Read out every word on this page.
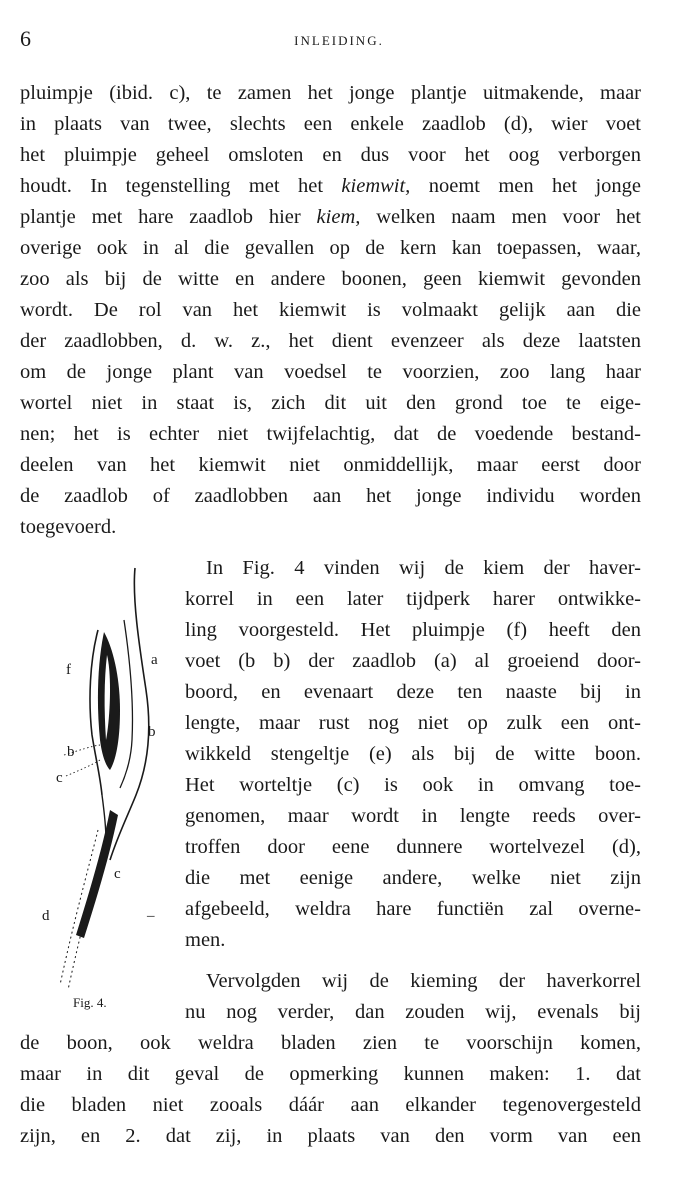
6	INLEIDING.
pluimpje (ibid. c), te zamen het jonge plantje uitmakende, maar
in plaats van twee, slechts een enkele zaadlob (d), wier voet
het pluimpje geheel omsloten en dus voor het oog verborgen
houdt. In tegenstelling met het kiemwit, noemt men het jonge
plantje met hare zaadlob hier kiem, welken naam men voor het
overige ook in al die gevallen op de kern kan toepassen, waar,
zoo als bij de witte en andere boonen, geen kiemwit gevonden
wordt. De rol van het kiemwit is volmaakt gelijk aan die
der zaadlobben, d. w. z., het dient evenzeer als deze laatsten
om de jonge plant van voedsel te voorzien, zoo lang haar
wortel niet in staat is, zich dit uit den grond toe te eige-
nen; het is echter niet twijfelachtig, dat de voedende bestand-
deelen van het kiemwit niet onmiddellijk, maar eerst door
de zaadlob of zaadlobben aan het jonge individu worden
toegevoerd.
In Fig. 4 vinden wij de kiem der haver-
korrel in een later tijdperk harer ontwikke-
ling voorgesteld. Het pluimpje (f) heeft den
voet (b b) der zaadlob (a) al groeiend door-
boord, en evenaart deze ten naaste bij in
lengte, maar rust nog niet op zulk een ont-
wikkeld stengeltje (e) als bij de witte boon.
Het worteltje (c) is ook in omvang toe-
genomen, maar wordt in lengte reeds over-
troffen door eene dunnere wortelvezel (d),
die met eenige andere, welke niet zijn
afgebeeld, weldra hare functiën zal overne-
men.
Vervolgden wij de kieming der haverkorrel
nu nog verder, dan zouden wij, evenals bij
de boon, ook weldra bladen zien te voorschijn komen,
maar in dit geval de opmerking kunnen maken: 1. dat
die bladen niet zooals dáár aan elkander tegenovergesteld
zijn, en 2. dat zij, in plaats van den vorm van een
f
a
b
b
c
c
d	–
Fig. 4.
